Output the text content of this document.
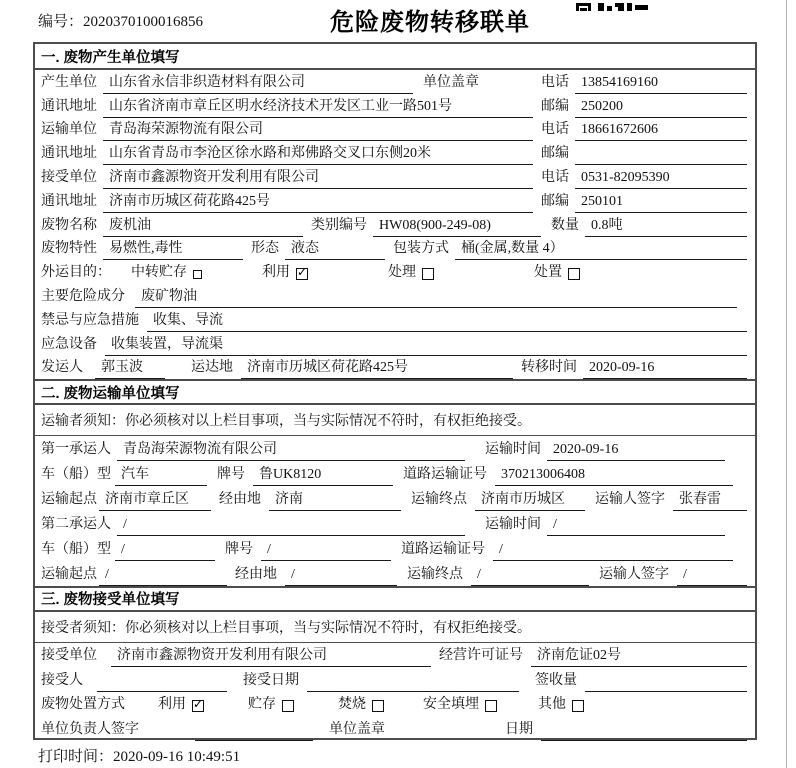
编号：2020370100016856	危险废物转移联单
一. 废物产生单位填写
产生单位 山东省永信非织造材料有限公司	单位盖章	电话 13854169160
通讯地址 山东省济南市章丘区明水经济技术开发区工业一路501号	邮编 250200
运输单位 青岛海荣源物流有限公司	电话 18661672606
通讯地址 山东省青岛市李沧区徐水路和郑佛路交叉口东侧20米	邮编
接受单位 济南市鑫源物资开发利用有限公司	电话 0531-82095390
通讯地址 济南市历城区荷花路425号	邮编 250101
废物名称 废机油	类别编号 HW08(900-249-08)	数量 0.8吨
废物特性 易燃性,毒性	形态 液态	包装方式 桶(金属,数量 4）
外运目的： 中转贮存	利用 ✓	处理	处置
主要危险成分	废矿物油
禁忌与应急措施	收集、导流
应急设备	收集装置，导流渠
发运人	郭玉波	运达地	济南市历城区荷花路425号	转移时间 2020-09-16
二. 废物运输单位填写
运输者须知：你必须核对以上栏目事项，当与实际情况不符时，有权拒绝接受。
第一承运人 青岛海荣源物流有限公司	运输时间 2020-09-16
车（船）型 汽车	牌号	鲁UK8120	道路运输证号	370213006408
运输起点 济南市章丘区	经由地	济南	运输终点	济南市历城区	运输人签字	张春雷
第二承运人 /	运输时间 /
车（船）型 /	牌号	/	道路运输证号	/
运输起点 /	经由地	/	运输终点	/	运输人签字	/
三. 废物接受单位填写
接受者须知：你必须核对以上栏目事项，当与实际情况不符时，有权拒绝接受。
接受单位	济南市鑫源物资开发利用有限公司	经营许可证号	济南危证02号
接受人	接受日期	签收量
废物处置方式 利用 ✓	贮存	焚烧	安全填埋	其他
单位负责人签字	单位盖章	日期
打印时间：2020-09-16 10:49:51
